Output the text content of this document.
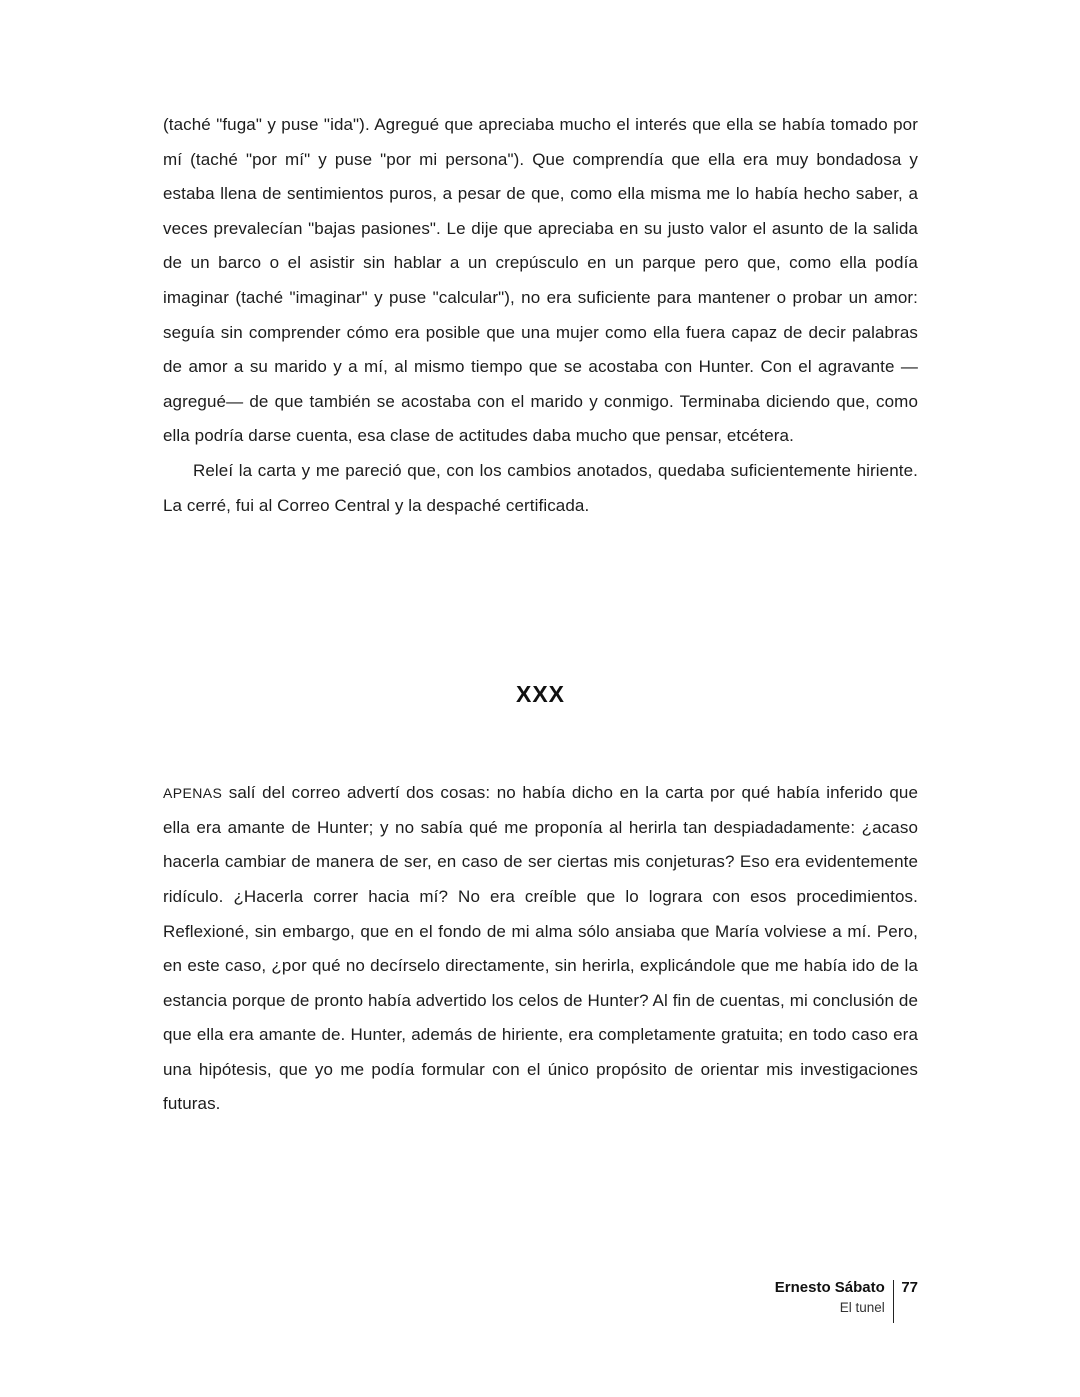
(taché "fuga" y puse "ida"). Agregué que apreciaba mucho el interés que ella se había tomado por mí (taché "por mí" y puse "por mi persona"). Que comprendía que ella era muy bondadosa y estaba llena de sentimientos puros, a pesar de que, como ella misma me lo había hecho saber, a veces prevalecían "bajas pasiones". Le dije que apreciaba en su justo valor el asunto de la salida de un barco o el asistir sin hablar a un crepúsculo en un parque pero que, como ella podía imaginar (taché "imaginar" y puse "calcular"), no era suficiente para mantener o probar un amor: seguía sin comprender cómo era posible que una mujer como ella fuera capaz de decir palabras de amor a su marido y a mí, al mismo tiempo que se acostaba con Hunter. Con el agravante —agregué— de que también se acostaba con el marido y conmigo. Terminaba diciendo que, como ella podría darse cuenta, esa clase de actitudes daba mucho que pensar, etcétera.

Releí la carta y me pareció que, con los cambios anotados, quedaba suficientemente hiriente. La cerré, fui al Correo Central y la despaché certificada.

XXX

APENAS salí del correo advertí dos cosas: no había dicho en la carta por qué había inferido que ella era amante de Hunter; y no sabía qué me proponía al herirla tan despiadadamente: ¿acaso hacerla cambiar de manera de ser, en caso de ser ciertas mis conjeturas? Eso era evidentemente ridículo. ¿Hacerla correr hacia mí? No era creíble que lo lograra con esos procedimientos. Reflexioné, sin embargo, que en el fondo de mi alma sólo ansiaba que María volviese a mí. Pero, en este caso, ¿por qué no decírselo directamente, sin herirla, explicándole que me había ido de la estancia porque de pronto había advertido los celos de Hunter? Al fin de cuentas, mi conclusión de que ella era amante de. Hunter, además de hiriente, era completamente gratuita; en todo caso era una hipótesis, que yo me podía formular con el único propósito de orientar mis investigaciones futuras.

Ernesto Sábato
El tunel
77
